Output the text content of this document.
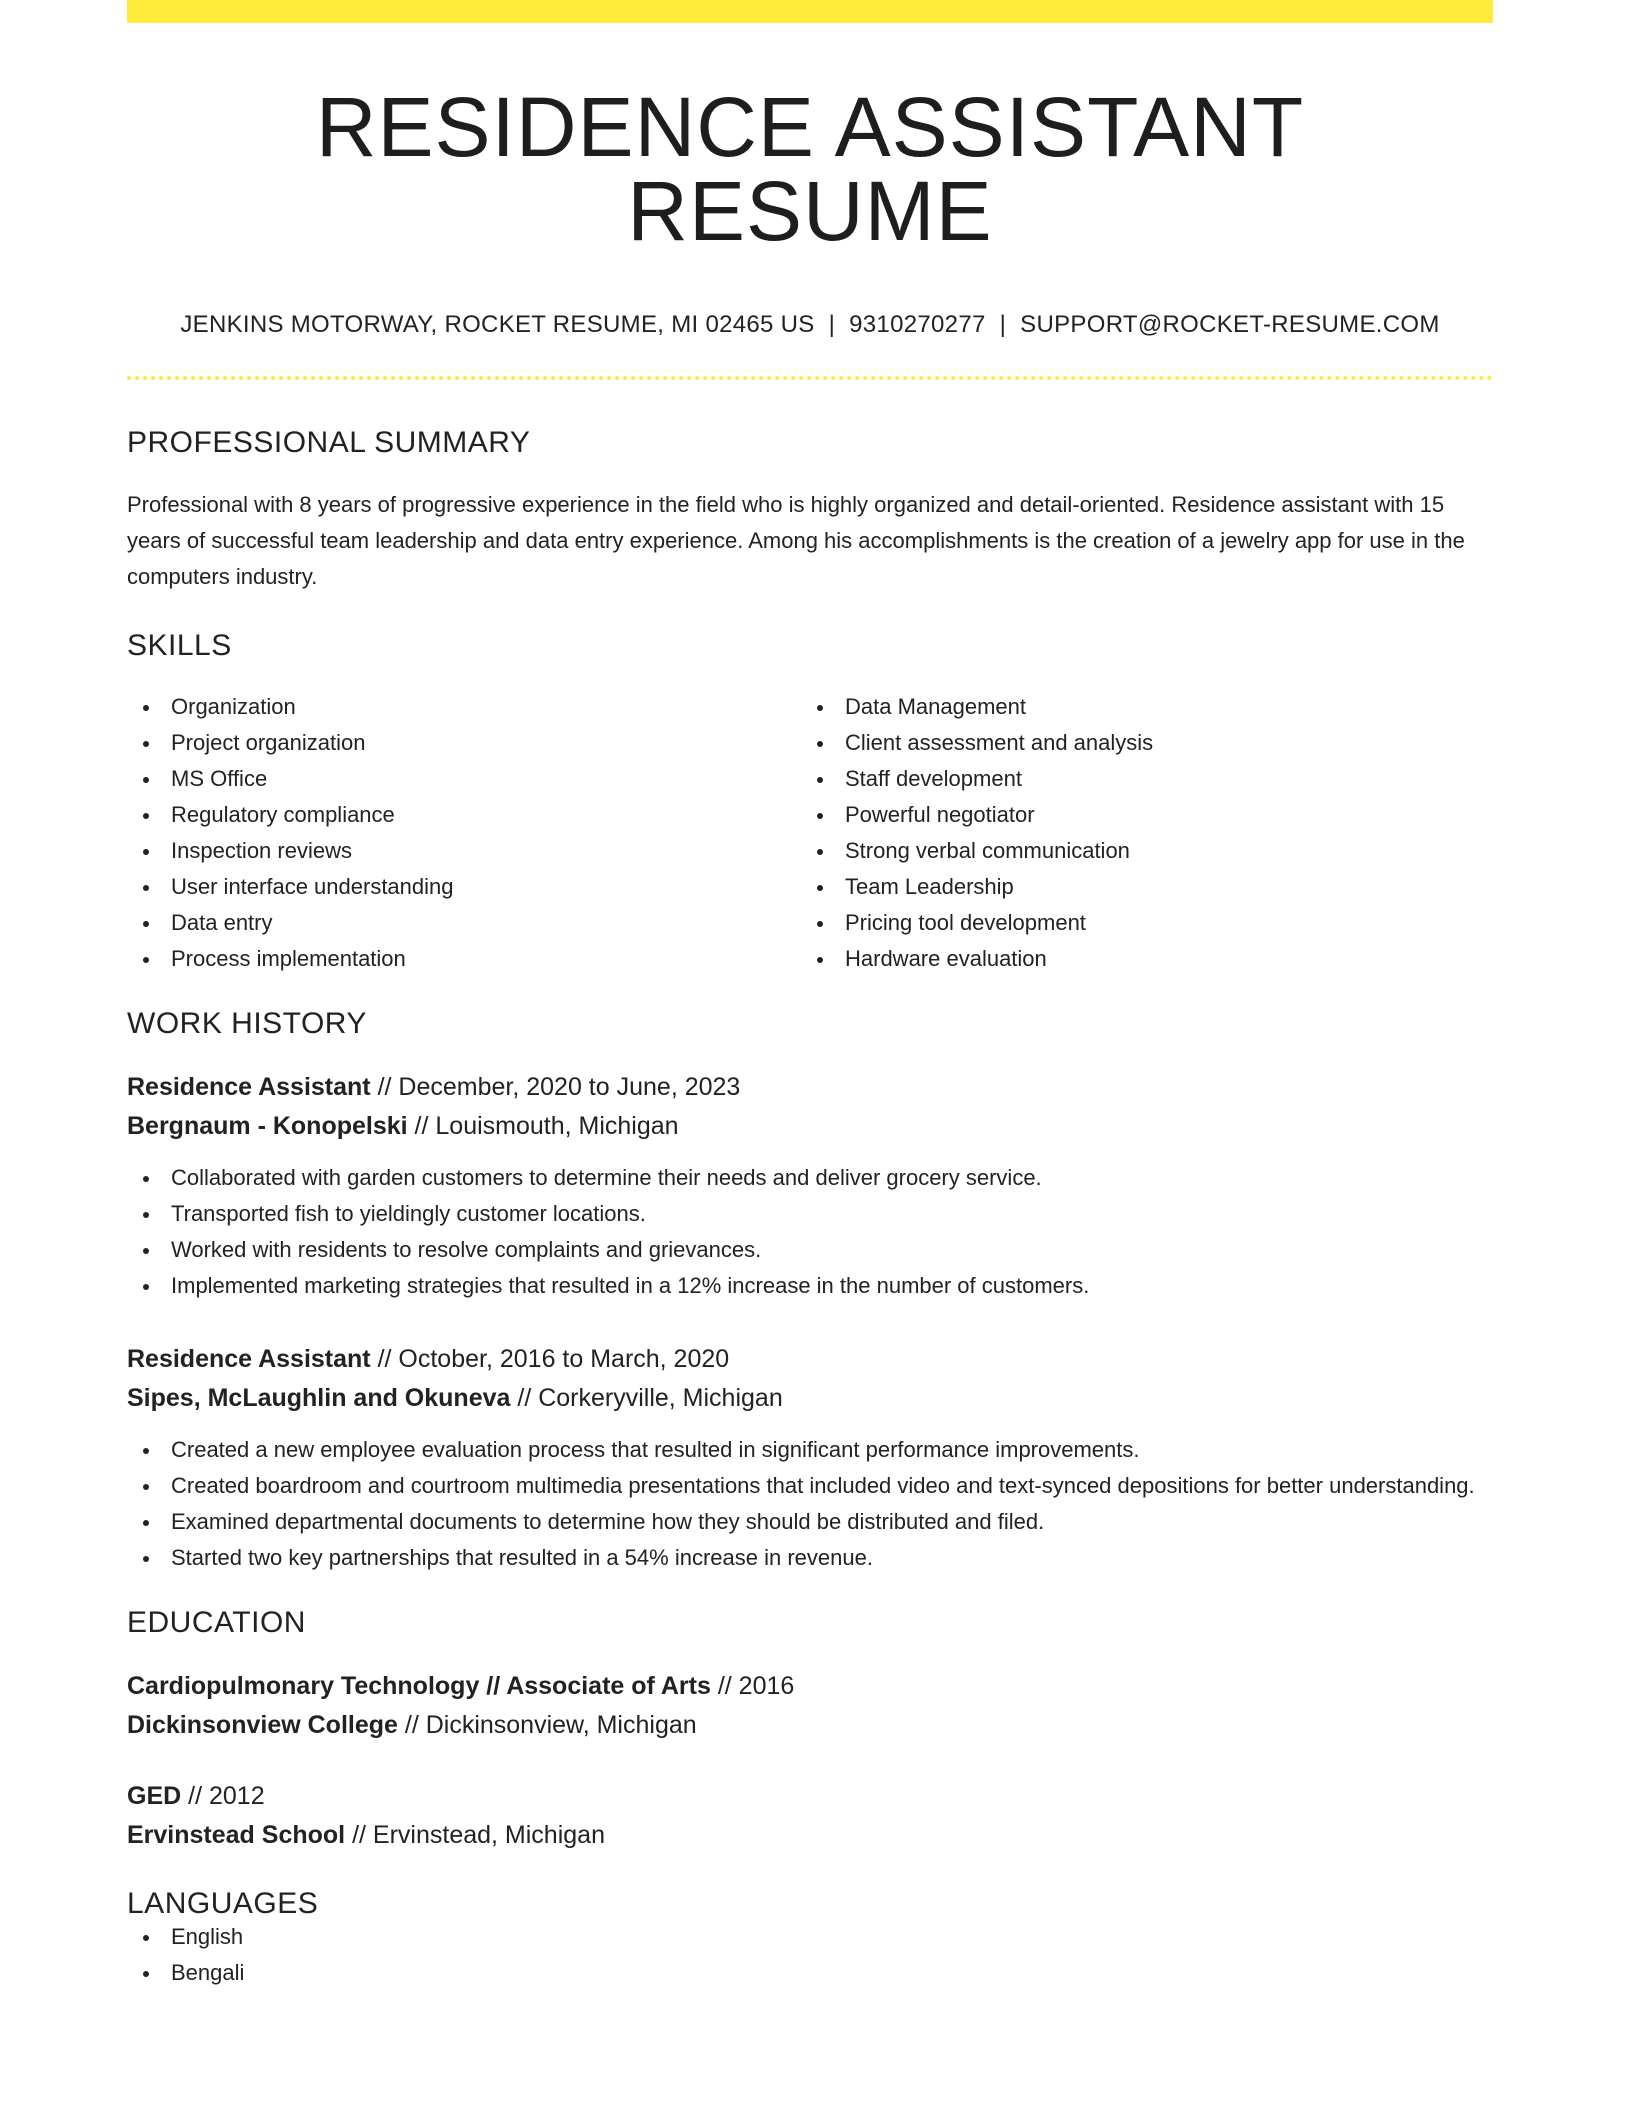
RESIDENCE ASSISTANT RESUME
JENKINS MOTORWAY, ROCKET RESUME, MI 02465 US | 9310270277 | SUPPORT@ROCKET-RESUME.COM
PROFESSIONAL SUMMARY
Professional with 8 years of progressive experience in the field who is highly organized and detail-oriented. Residence assistant with 15 years of successful team leadership and data entry experience. Among his accomplishments is the creation of a jewelry app for use in the computers industry.
SKILLS
Organization
Project organization
MS Office
Regulatory compliance
Inspection reviews
User interface understanding
Data entry
Process implementation
Data Management
Client assessment and analysis
Staff development
Powerful negotiator
Strong verbal communication
Team Leadership
Pricing tool development
Hardware evaluation
WORK HISTORY
Residence Assistant // December, 2020 to June, 2023
Bergnaum - Konopelski // Louismouth, Michigan
Collaborated with garden customers to determine their needs and deliver grocery service.
Transported fish to yieldingly customer locations.
Worked with residents to resolve complaints and grievances.
Implemented marketing strategies that resulted in a 12% increase in the number of customers.
Residence Assistant // October, 2016 to March, 2020
Sipes, McLaughlin and Okuneva // Corkeryville, Michigan
Created a new employee evaluation process that resulted in significant performance improvements.
Created boardroom and courtroom multimedia presentations that included video and text-synced depositions for better understanding.
Examined departmental documents to determine how they should be distributed and filed.
Started two key partnerships that resulted in a 54% increase in revenue.
EDUCATION
Cardiopulmonary Technology // Associate of Arts // 2016
Dickinsonview College // Dickinsonview, Michigan
GED // 2012
Ervinstead School // Ervinstead, Michigan
LANGUAGES
English
Bengali
